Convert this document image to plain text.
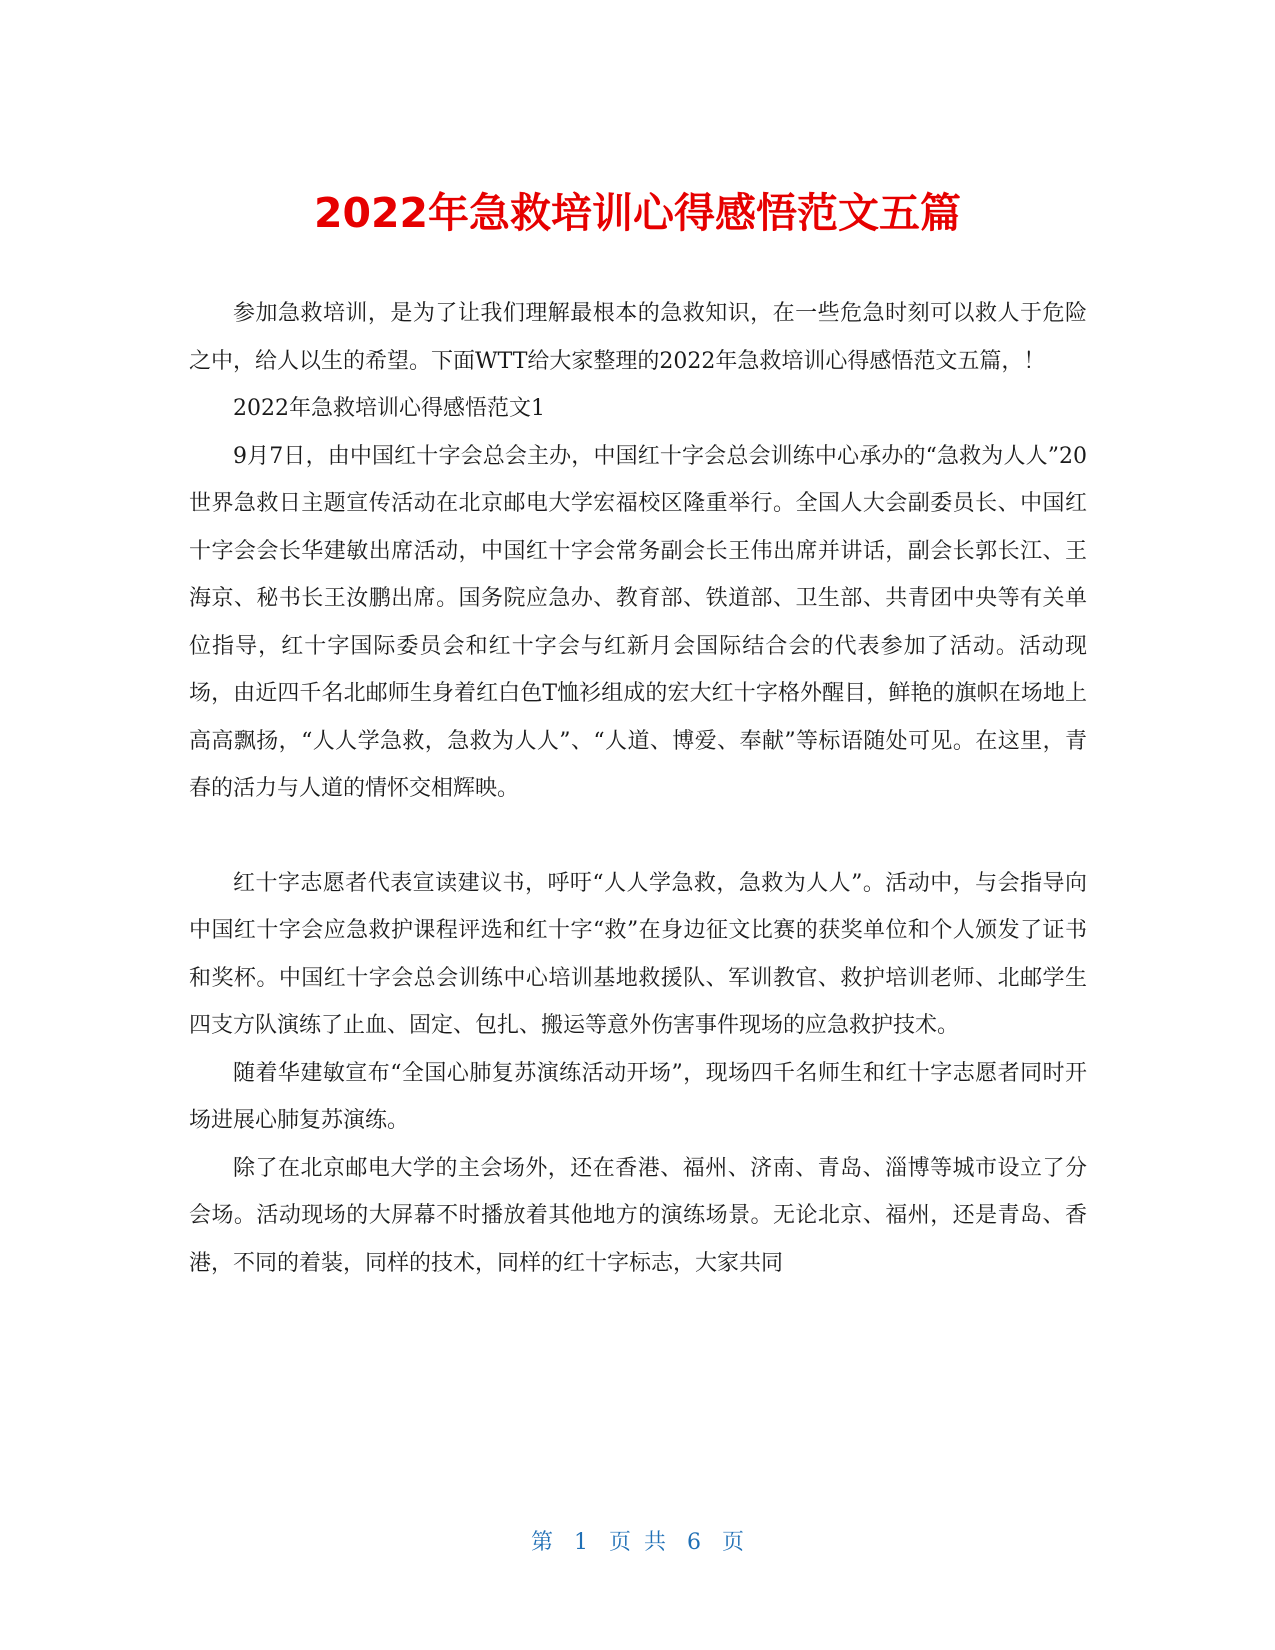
2022年急救培训心得感悟范文五篇

参加急救培训，是为了让我们理解最根本的急救知识，在一些危急时刻可以救人于危险之中，给人以生的希望。下面WTT给大家整理的2022年急救培训心得感悟范文五篇，！

2022年急救培训心得感悟范文1

9月7日，由中国红十字会总会主办，中国红十字会总会训练中心承办的“急救为人人”20世界急救日主题宣传活动在北京邮电大学宏福校区隆重举行。全国人大会副委员长、中国红十字会会长华建敏出席活动，中国红十字会常务副会长王伟出席并讲话，副会长郭长江、王海京、秘书长王汝鹏出席。国务院应急办、教育部、铁道部、卫生部、共青团中央等有关单位指导，红十字国际委员会和红十字会与红新月会国际结合会的代表参加了活动。活动现场，由近四千名北邮师生身着红白色T恤衫组成的宏大红十字格外醒目，鲜艳的旗帜在场地上高高飘扬，“人人学急救，急救为人人”、“人道、博爱、奉献”等标语随处可见。在这里，青春的活力与人道的情怀交相辉映。

红十字志愿者代表宣读建议书，呼吁“人人学急救，急救为人人”。活动中，与会指导向中国红十字会应急救护课程评选和红十字“救”在身边征文比赛的获奖单位和个人颁发了证书和奖杯。中国红十字会总会训练中心培训基地救援队、军训教官、救护培训老师、北邮学生四支方队演练了止血、固定、包扎、搬运等意外伤害事件现场的应急救护技术。

随着华建敏宣布“全国心肺复苏演练活动开场”，现场四千名师生和红十字志愿者同时开场进展心肺复苏演练。

除了在北京邮电大学的主会场外，还在香港、福州、济南、青岛、淄博等城市设立了分会场。活动现场的大屏幕不时播放着其他地方的演练场景。无论北京、福州，还是青岛、香港，不同的着装，同样的技术，同样的红十字标志，大家共同

第 1 页 共 6 页
